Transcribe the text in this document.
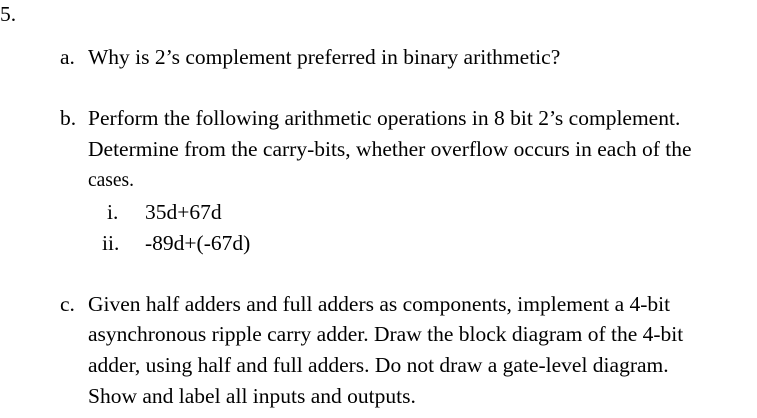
5.
a. Why is 2’s complement preferred in binary arithmetic?
b. Perform the following arithmetic operations in 8 bit 2’s complement.
Determine from the carry-bits, whether overflow occurs in each of the
cases.
i. 35d+67d
ii. -89d+(-67d)
c. Given half adders and full adders as components, implement a 4-bit
asynchronous ripple carry adder. Draw the block diagram of the 4-bit
adder, using half and full adders. Do not draw a gate-level diagram.
Show and label all inputs and outputs.
